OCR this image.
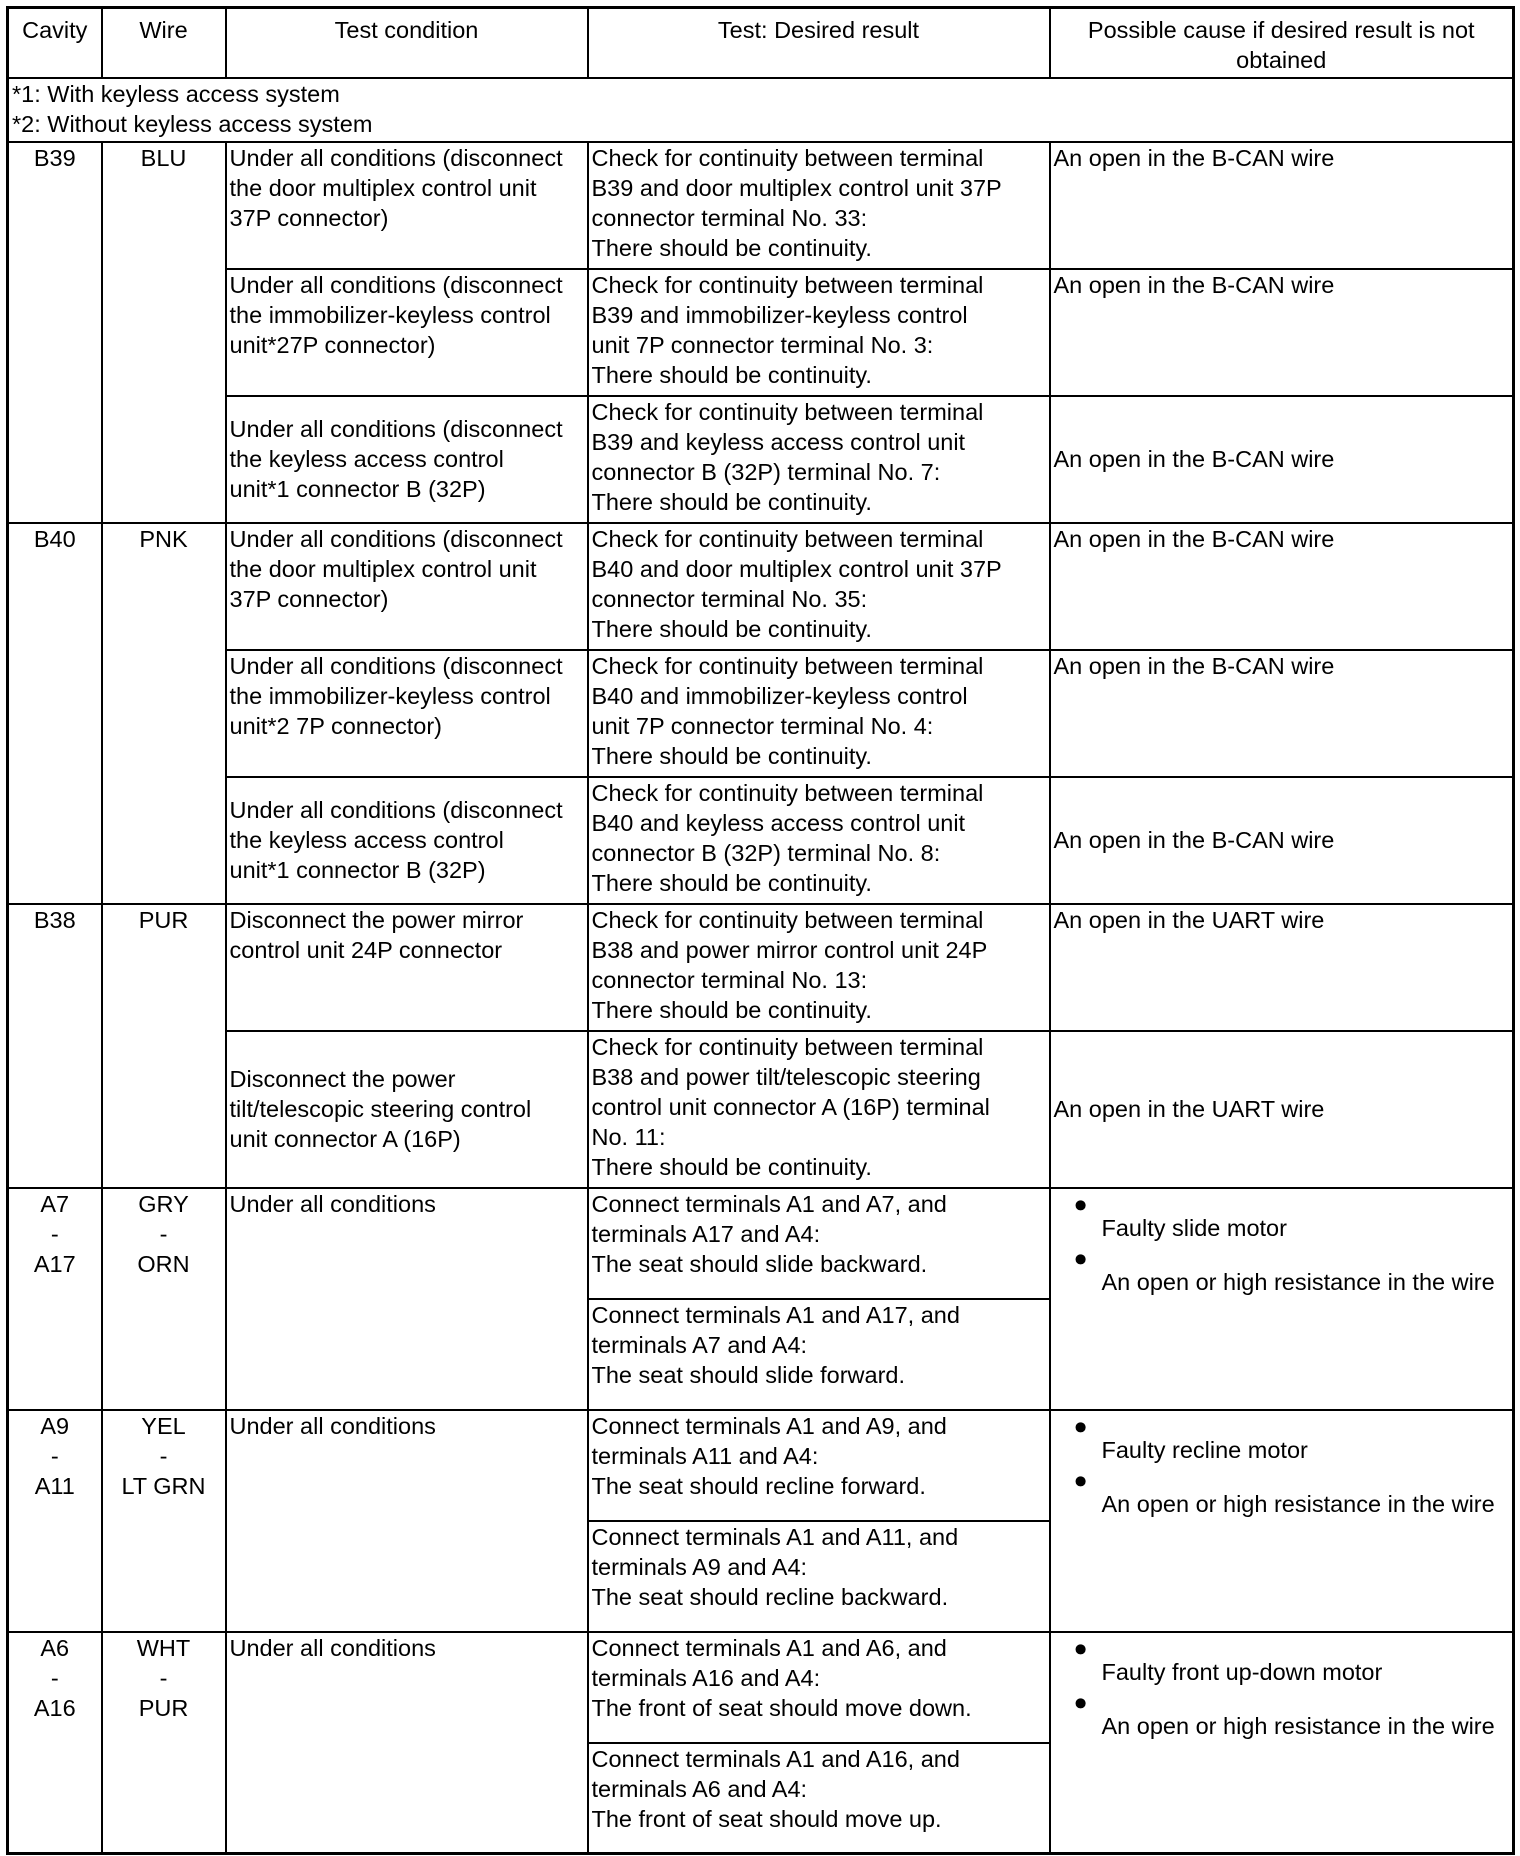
Cavity	Wire	Test condition	Test: Desired result	Possible cause if desired result is not
obtained

*1: With keyless access system
*2: Without keyless access system				

B39	BLU	Under all conditions (disconnect
the door multiplex control unit
37P connector)	Check for continuity between terminal
B39 and door multiplex control unit 37P
connector terminal No. 33:
There should be continuity.	An open in the B-CAN wire

		Under all conditions (disconnect
the immobilizer-keyless control
unit*27P connector)	Check for continuity between terminal
B39 and immobilizer-keyless control
unit 7P connector terminal No. 3:
There should be continuity.	An open in the B-CAN wire

		Under all conditions (disconnect
the keyless access control
unit*1 connector B (32P)	Check for continuity between terminal
B39 and keyless access control unit
connector B (32P) terminal No. 7:
There should be continuity.	An open in the B-CAN wire
B40	PNK	Under all conditions (disconnect
the door multiplex control unit
37P connector)	Check for continuity between terminal
B40 and door multiplex control unit 37P
connector terminal No. 35:
There should be continuity.	An open in the B-CAN wire

		Under all conditions (disconnect
the immobilizer-keyless control
unit*2 7P connector)	Check for continuity between terminal
B40 and immobilizer-keyless control
unit 7P connector terminal No. 4:
There should be continuity.	An open in the B-CAN wire

		Under all conditions (disconnect
the keyless access control
unit*1 connector B (32P)	Check for continuity between terminal
B40 and keyless access control unit
connector B (32P) terminal No. 8:
There should be continuity.	An open in the B-CAN wire
B38	PUR	Disconnect the power mirror
control unit 24P connector	Check for continuity between terminal
B38 and power mirror control unit 24P
connector terminal No. 13:
There should be continuity.	An open in the UART wire

		Disconnect the power
tilt/telescopic steering control
unit connector A (16P)	Check for continuity between terminal
B38 and power tilt/telescopic steering
control unit connector A (16P) terminal
No. 11:
There should be continuity.	An open in the UART wire

A7
-
A17	GRY
-
ORN	Under all conditions	Connect terminals A1 and A7, and
terminals A17 and A4:
The seat should slide backward.	●
Faulty slide motor
●
An open or high resistance in the wire

			Connect terminals A1 and A17, and
terminals A7 and A4:
The seat should slide forward.	

A9
-
A11	YEL
-
LT GRN	Under all conditions	Connect terminals A1 and A9, and
terminals A11 and A4:
The seat should recline forward.	●
Faulty recline motor
●
An open or high resistance in the wire

			Connect terminals A1 and A11, and
terminals A9 and A4:
The seat should recline backward.	

A6
-
A16	WHT
-
PUR	Under all conditions	Connect terminals A1 and A6, and
terminals A16 and A4:
The front of seat should move down.	●
Faulty front up-down motor
●
An open or high resistance in the wire

			Connect terminals A1 and A16, and
terminals A6 and A4:
The front of seat should move up.	
